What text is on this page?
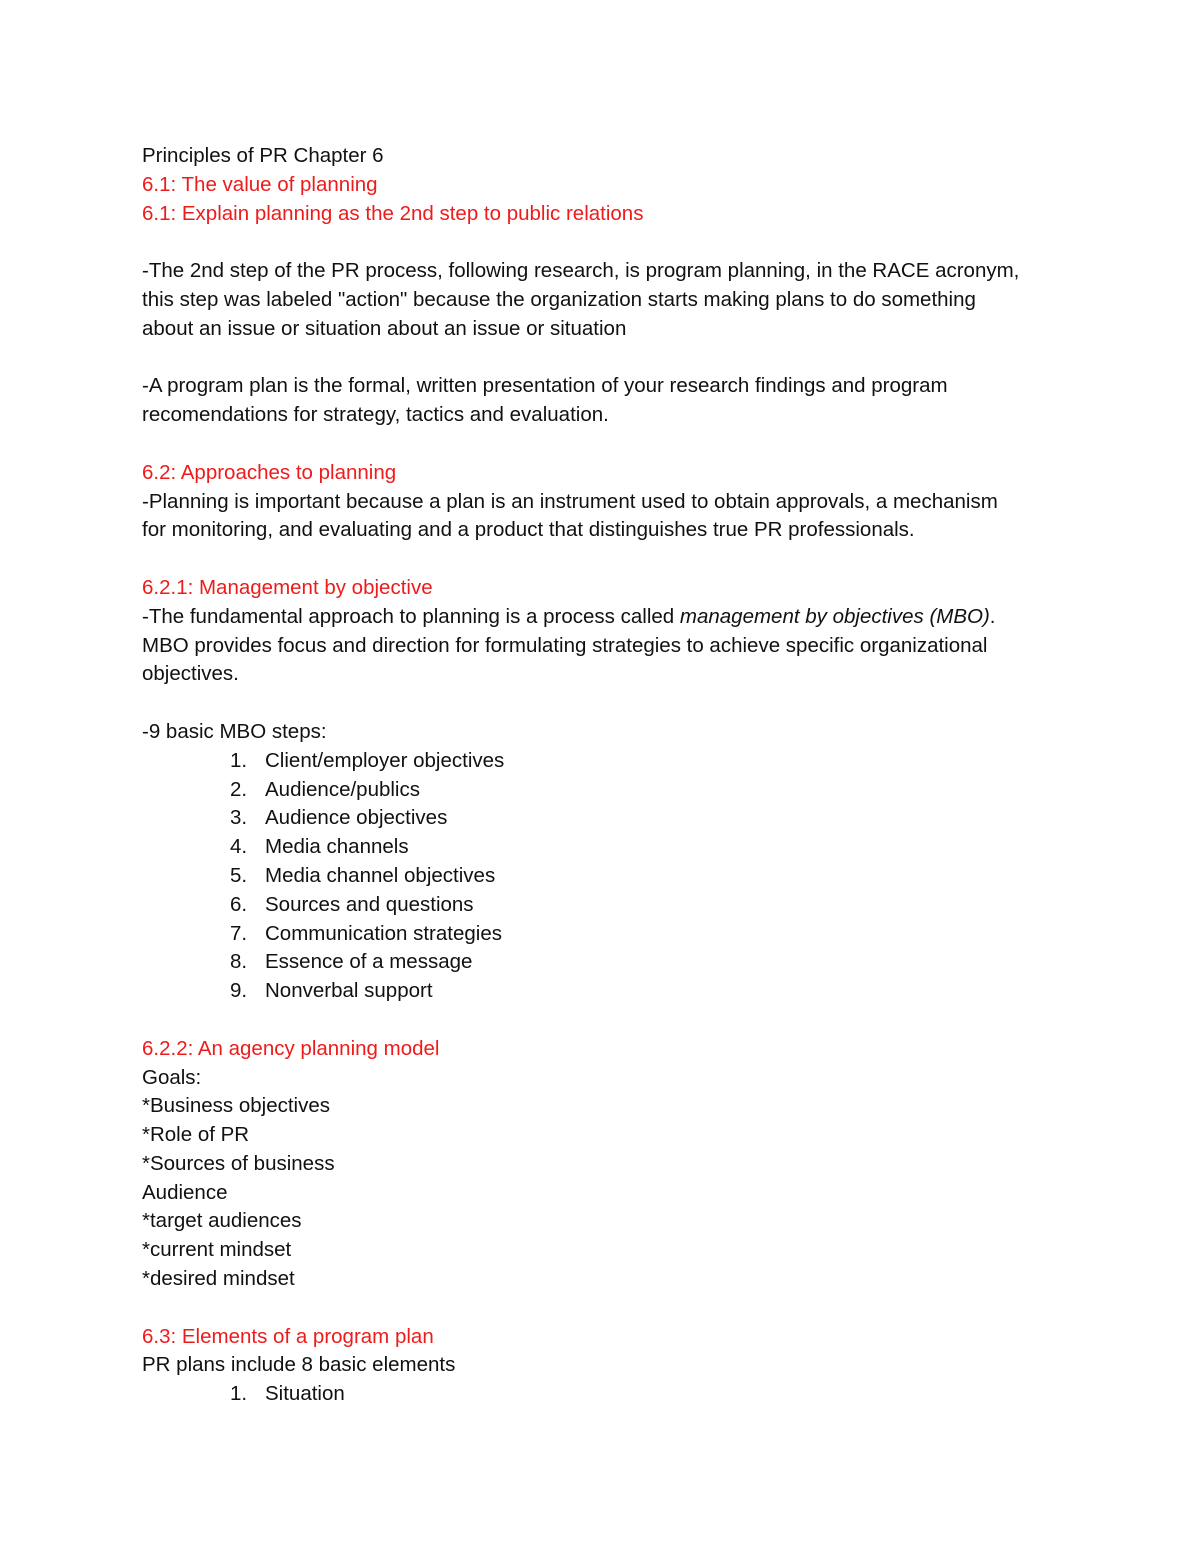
Principles of PR Chapter 6
6.1: The value of planning
6.1: Explain planning as the 2nd step to public relations
-The 2nd step of the PR process, following research, is program planning, in the RACE acronym,
this step was labeled "action" because the organization starts making plans to do something
about an issue or situation about an issue or situation
-A program plan is the formal, written presentation of your research findings and program
recomendations for strategy, tactics and evaluation.
6.2: Approaches to planning
-Planning is important because a plan is an instrument used to obtain approvals, a mechanism
for monitoring, and evaluating and a product that distinguishes true PR professionals.
6.2.1: Management by objective
-The fundamental approach to planning is a process called management by objectives (MBO).
MBO provides focus and direction for formulating strategies to achieve specific organizational
objectives.
-9 basic MBO steps:
1. Client/employer objectives
2. Audience/publics
3. Audience objectives
4. Media channels
5. Media channel objectives
6. Sources and questions
7. Communication strategies
8. Essence of a message
9. Nonverbal support
6.2.2: An agency planning model
Goals:
*Business objectives
*Role of PR
*Sources of business
Audience
*target audiences
*current mindset
*desired mindset
6.3: Elements of a program plan
PR plans include 8 basic elements
1. Situation
